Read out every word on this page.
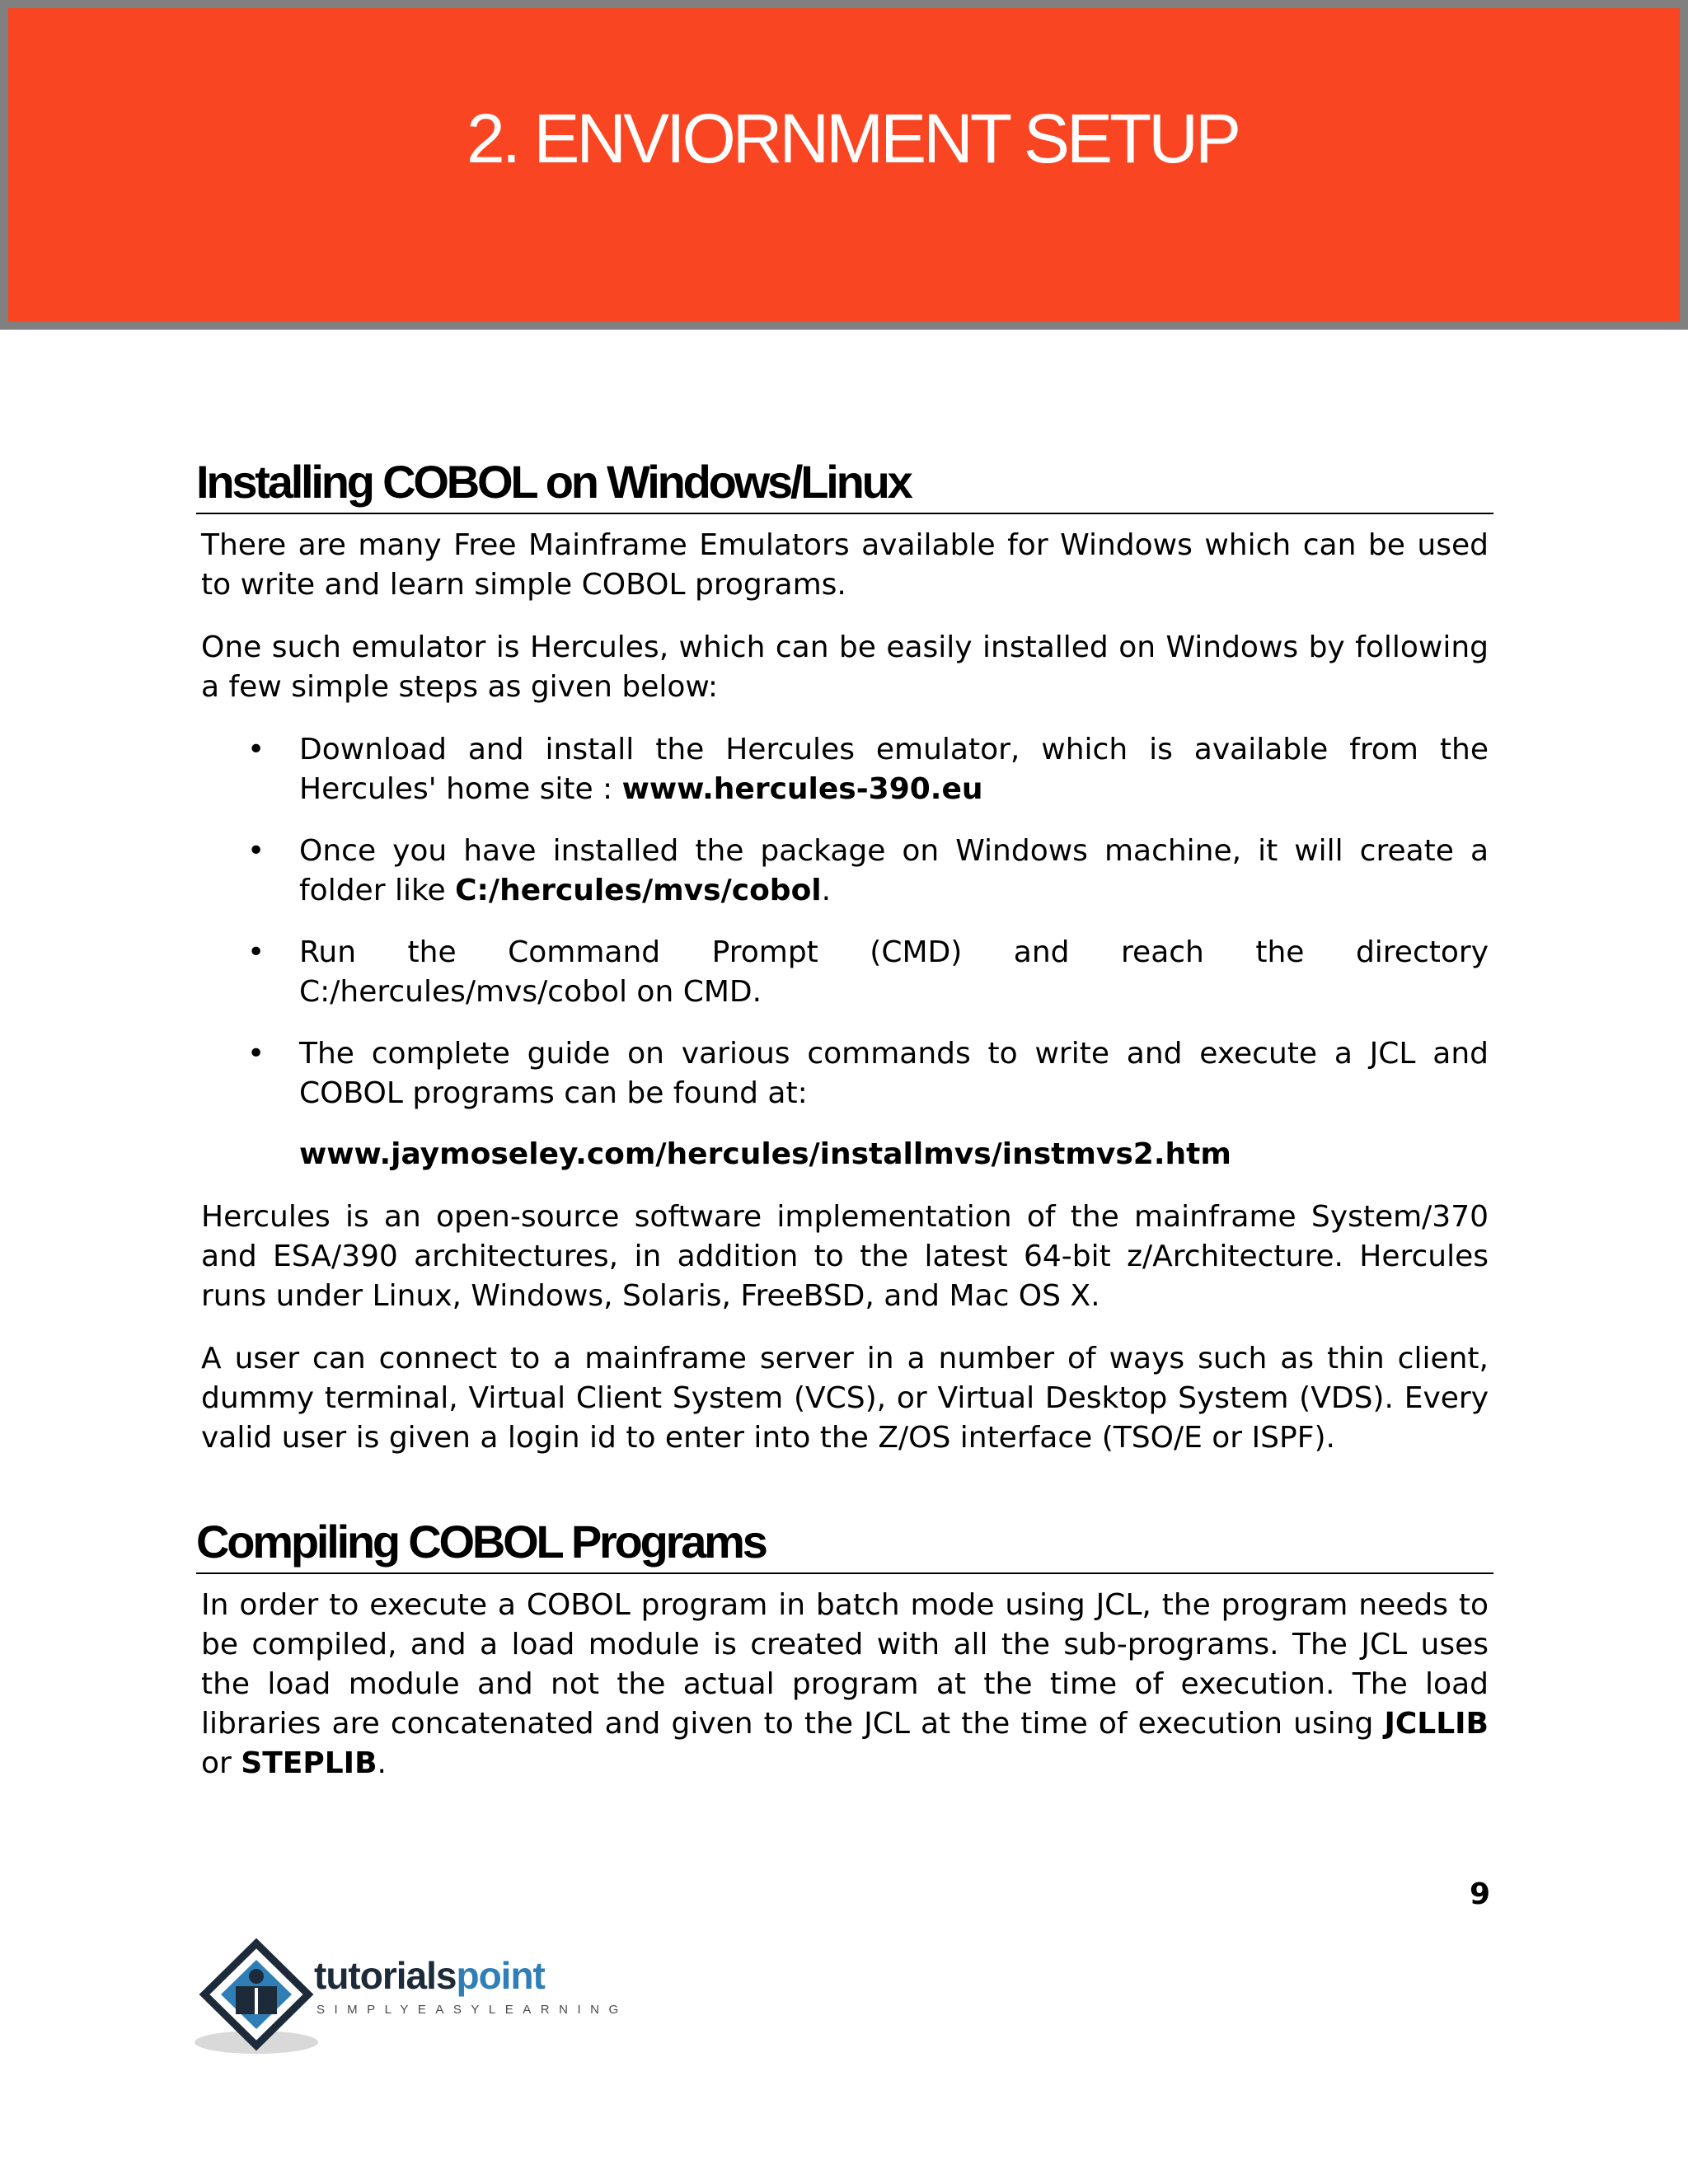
2. ENVIORNMENT SETUP
Installing COBOL on Windows/Linux

There are many Free Mainframe Emulators available for Windows which can be used to write and learn simple COBOL programs.

One such emulator is Hercules, which can be easily installed on Windows by following a few simple steps as given below:

• Download and install the Hercules emulator, which is available from the Hercules' home site : www.hercules-390.eu
• Once you have installed the package on Windows machine, it will create a folder like C:/hercules/mvs/cobol.
• Run the Command Prompt (CMD) and reach the directory C:/hercules/mvs/cobol on CMD.
• The complete guide on various commands to write and execute a JCL and COBOL programs can be found at:
www.jaymoseley.com/hercules/installmvs/instmvs2.htm

Hercules is an open-source software implementation of the mainframe System/370 and ESA/390 architectures, in addition to the latest 64-bit z/Architecture. Hercules runs under Linux, Windows, Solaris, FreeBSD, and Mac OS X.

A user can connect to a mainframe server in a number of ways such as thin client, dummy terminal, Virtual Client System (VCS), or Virtual Desktop System (VDS). Every valid user is given a login id to enter into the Z/OS interface (TSO/E or ISPF).

Compiling COBOL Programs

In order to execute a COBOL program in batch mode using JCL, the program needs to be compiled, and a load module is created with all the sub-programs. The JCL uses the load module and not the actual program at the time of execution. The load libraries are concatenated and given to the JCL at the time of execution using JCLLIB or STEPLIB.

9

tutorialspoint
SIMPLYEASYLEARNING
